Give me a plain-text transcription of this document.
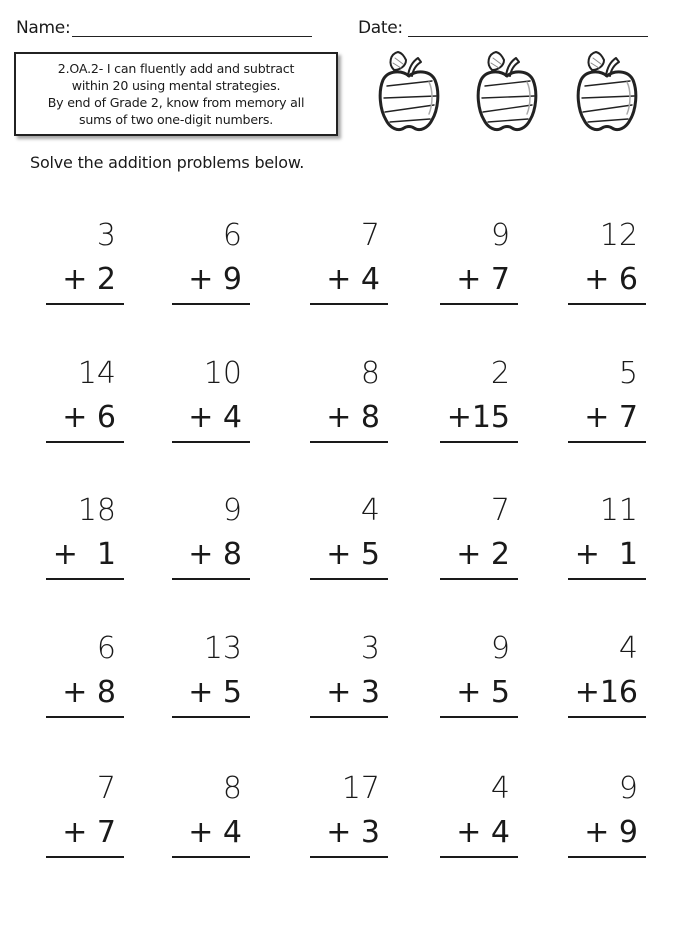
Name:	Date:
2.OA.2- I can fluently add and subtract
within 20 using mental strategies.
By end of Grade 2, know from memory all
sums of two one-digit numbers.
Solve the addition problems below.
3
+ 2
6
+ 9
7
+ 4
9
+ 7
12
+ 6
14
+ 6
10
+ 4
8
+ 8
2
+15
5
+ 7
18
+  1
9
+ 8
4
+ 5
7
+ 2
11
+  1
6
+ 8
13
+ 5
3
+ 3
9
+ 5
4
+16
7
+ 7
8
+ 4
17
+ 3
4
+ 4
9
+ 9
